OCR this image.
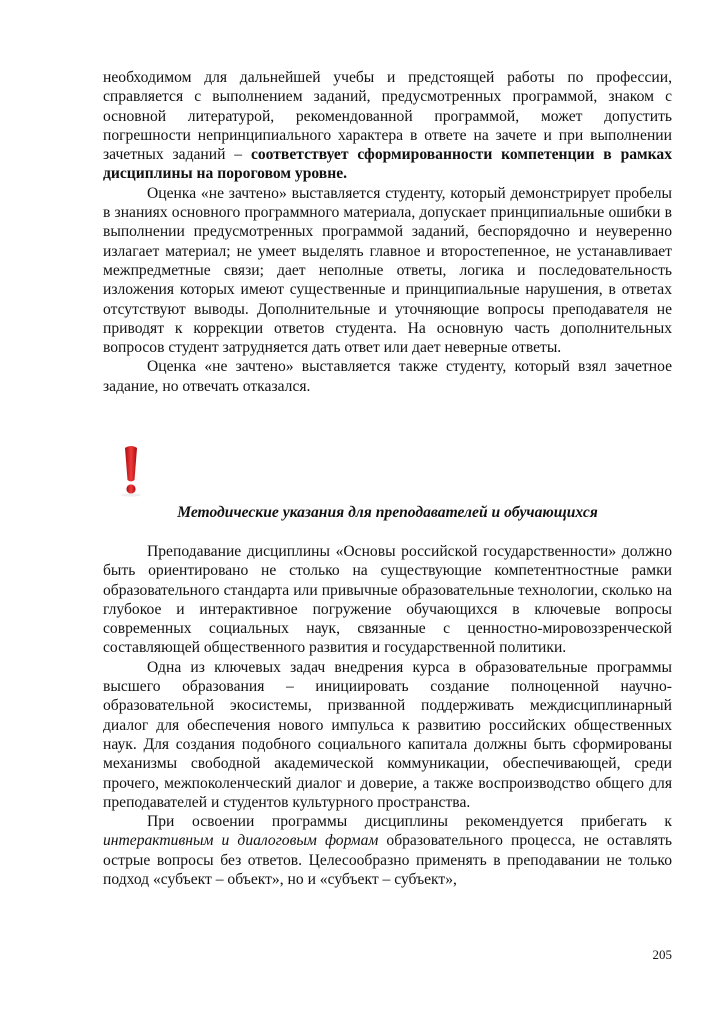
необходимом для дальнейшей учебы и предстоящей работы по профессии, справляется с выполнением заданий, предусмотренных программой, знаком с основной литературой, рекомендованной программой, может допустить погрешности непринципиального характера в ответе на зачете и при выполнении зачетных заданий – соответствует сформированности компетенции в рамках дисциплины на пороговом уровне.

Оценка «не зачтено» выставляется студенту, который демонстрирует пробелы в знаниях основного программного материала, допускает принципиальные ошибки в выполнении предусмотренных программой заданий, беспорядочно и неуверенно излагает материал; не умеет выделять главное и второстепенное, не устанавливает межпредметные связи; дает неполные ответы, логика и последовательность изложения которых имеют существенные и принципиальные нарушения, в ответах отсутствуют выводы. Дополнительные и уточняющие вопросы преподавателя не приводят к коррекции ответов студента. На основную часть дополнительных вопросов студент затрудняется дать ответ или дает неверные ответы.

Оценка «не зачтено» выставляется также студенту, который взял зачетное задание, но отвечать отказался.

Методические указания для преподавателей и обучающихся

Преподавание дисциплины «Основы российской государственности» должно быть ориентировано не столько на существующие компетентностные рамки образовательного стандарта или привычные образовательные технологии, сколько на глубокое и интерактивное погружение обучающихся в ключевые вопросы современных социальных наук, связанные с ценностно-мировоззренческой составляющей общественного развития и государственной политики.

Одна из ключевых задач внедрения курса в образовательные программы высшего образования – инициировать создание полноценной научно-образовательной экосистемы, призванной поддерживать междисциплинарный диалог для обеспечения нового импульса к развитию российских общественных наук. Для создания подобного социального капитала должны быть сформированы механизмы свободной академической коммуникации, обеспечивающей, среди прочего, межпоколенческий диалог и доверие, а также воспроизводство общего для преподавателей и студентов культурного пространства.

При освоении программы дисциплины рекомендуется прибегать к интерактивным и диалоговым формам образовательного процесса, не оставлять острые вопросы без ответов. Целесообразно применять в преподавании не только подход «субъект – объект», но и «субъект – субъект»,

205
